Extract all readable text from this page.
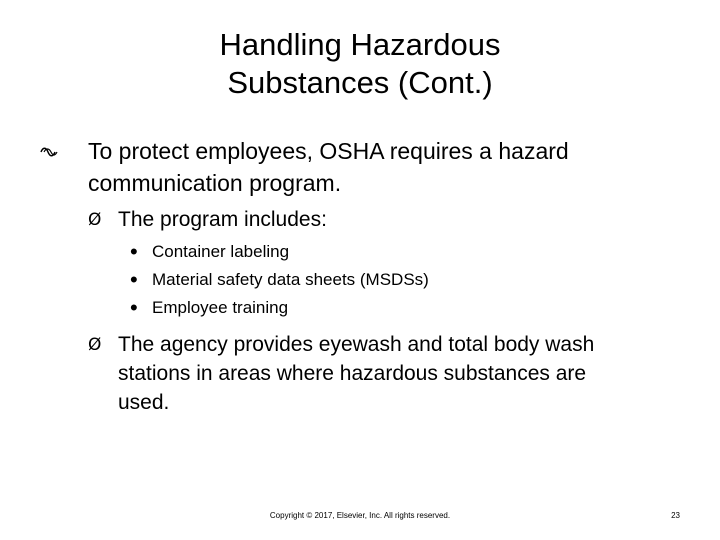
Handling Hazardous
Substances (Cont.)
To protect employees, OSHA requires a hazard communication program.
Ø The program includes:
• Container labeling
• Material safety data sheets (MSDSs)
• Employee training
Ø The agency provides eyewash and total body wash stations in areas where hazardous substances are used.
Copyright © 2017, Elsevier, Inc. All rights reserved.	23
